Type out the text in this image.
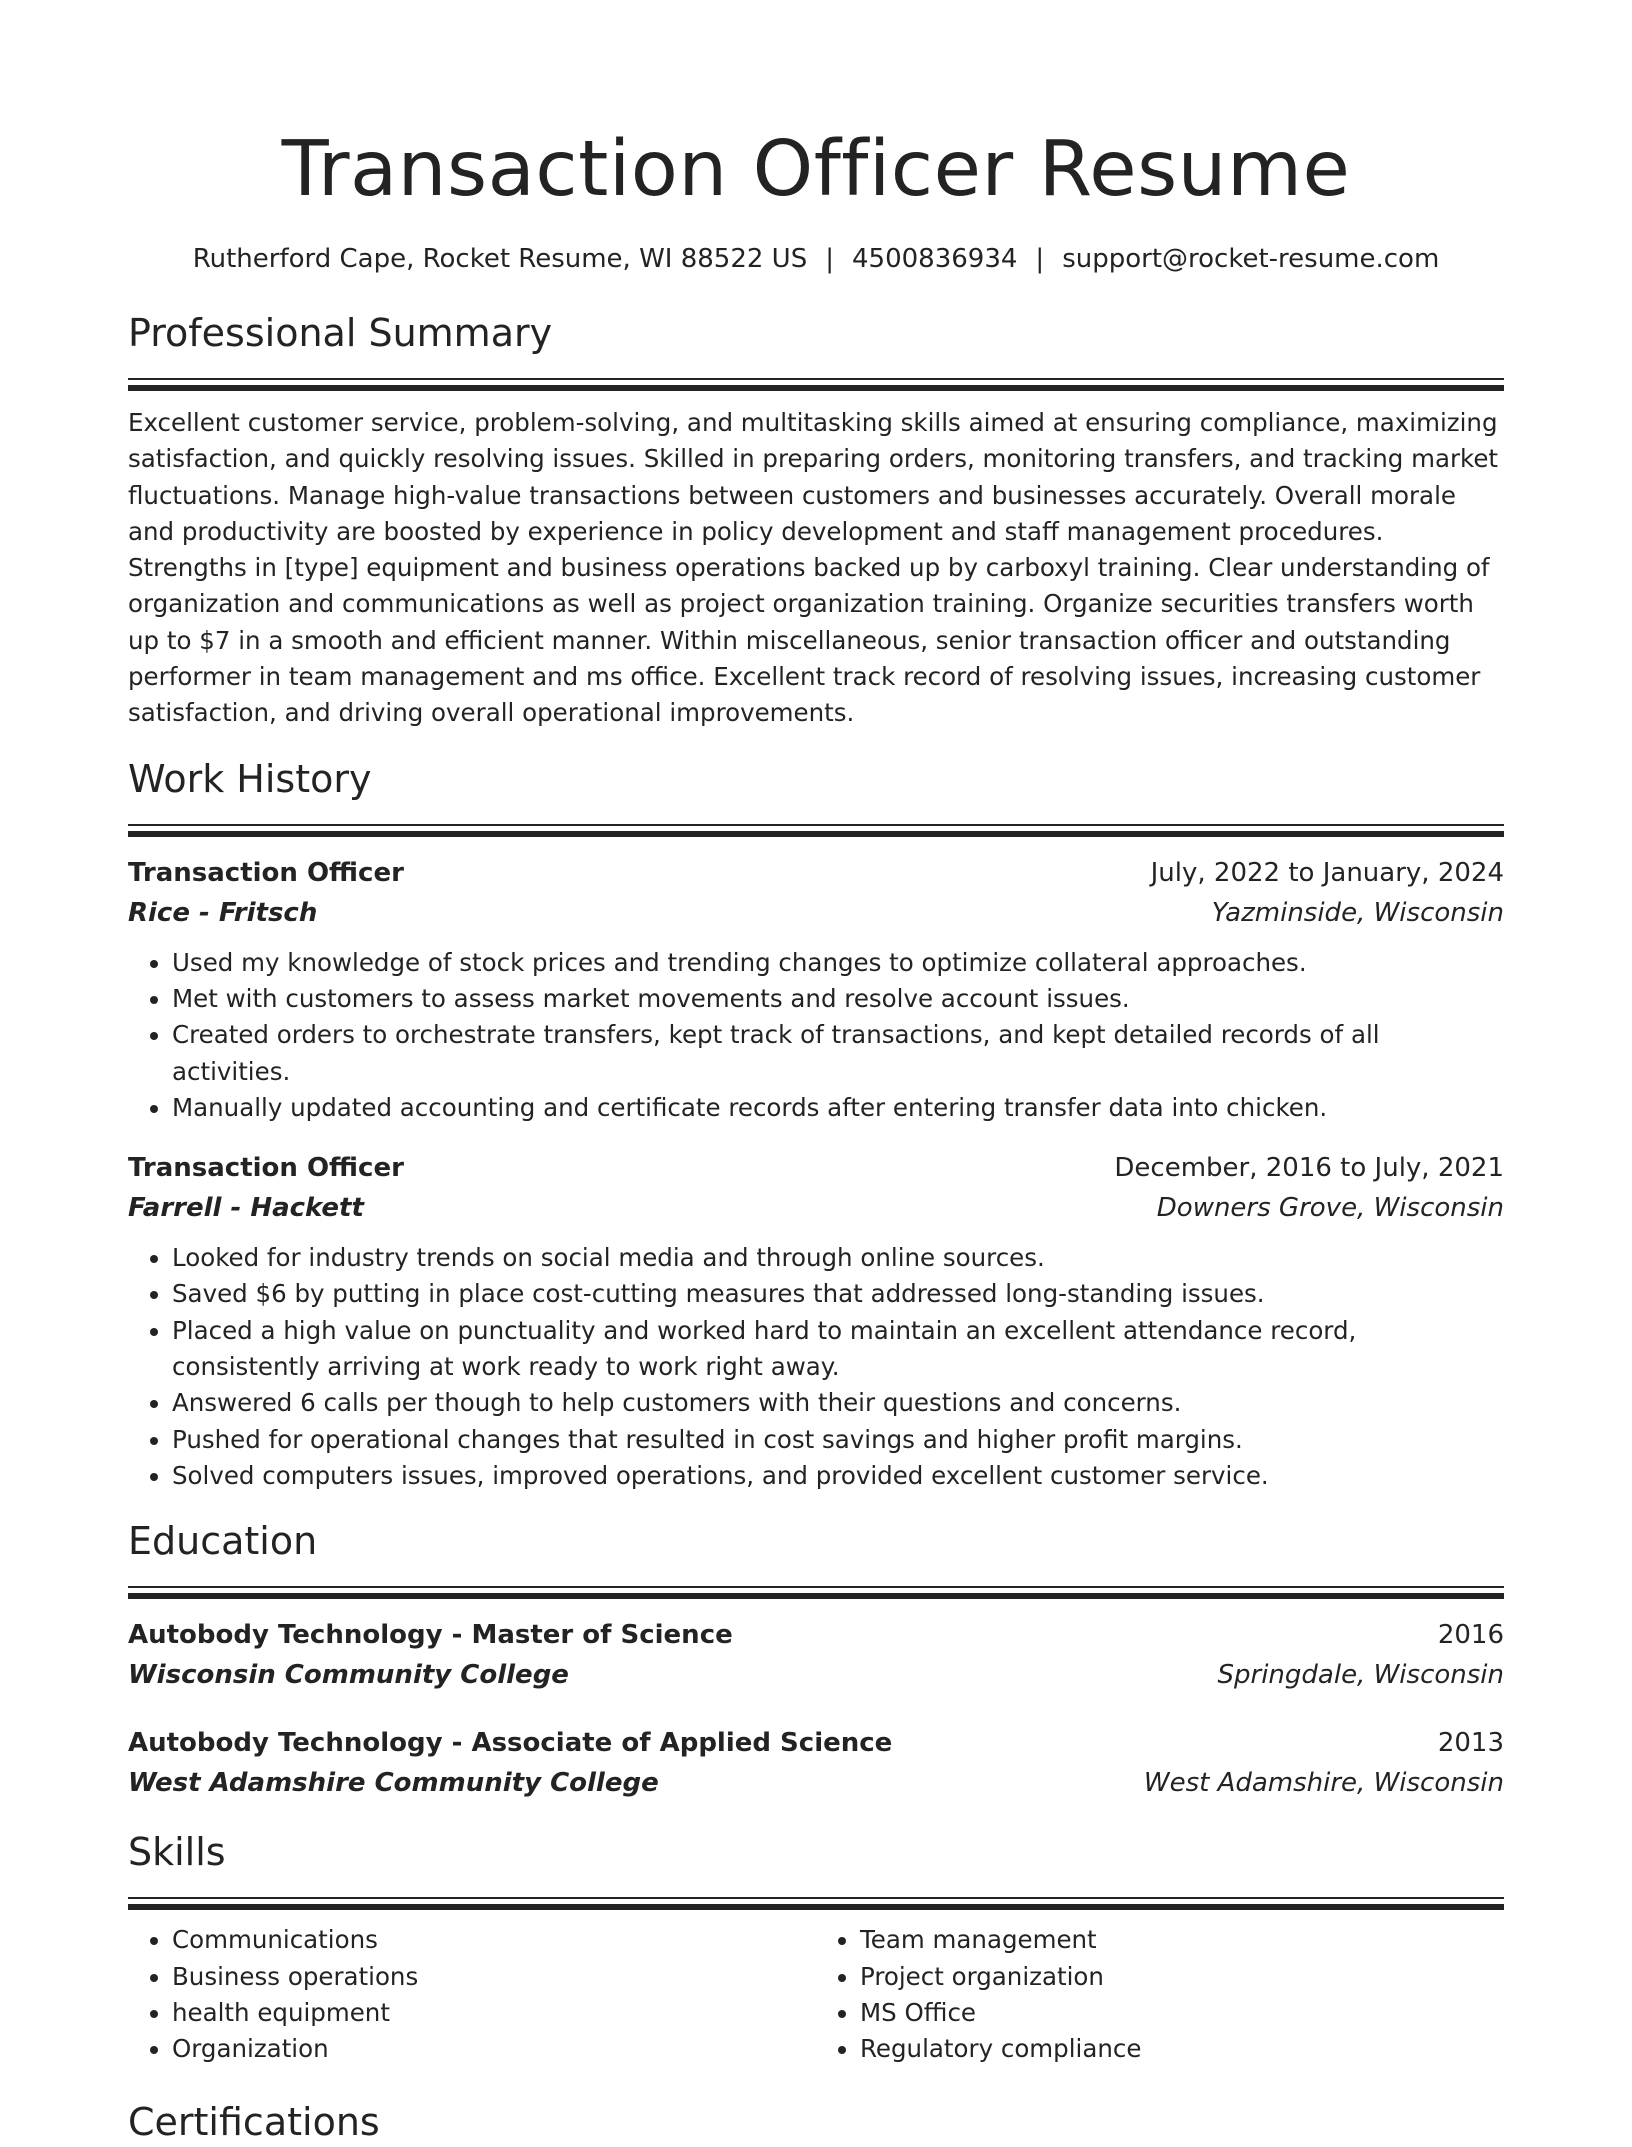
Transaction Officer Resume
Rutherford Cape, Rocket Resume, WI 88522 US | 4500836934 | support@rocket-resume.com
Professional Summary

Excellent customer service, problem-solving, and multitasking skills aimed at ensuring compliance, maximizing satisfaction, and quickly resolving issues. Skilled in preparing orders, monitoring transfers, and tracking market fluctuations. Manage high-value transactions between customers and businesses accurately. Overall morale and productivity are boosted by experience in policy development and staff management procedures. Strengths in [type] equipment and business operations backed up by carboxyl training. Clear understanding of organization and communications as well as project organization training. Organize securities transfers worth up to $7 in a smooth and efficient manner. Within miscellaneous, senior transaction officer and outstanding performer in team management and ms office. Excellent track record of resolving issues, increasing customer satisfaction, and driving overall operational improvements.

Work History
Transaction Officer	July, 2022 to January, 2024
Rice - Fritsch	Yazminside, Wisconsin
• Used my knowledge of stock prices and trending changes to optimize collateral approaches.
• Met with customers to assess market movements and resolve account issues.
• Created orders to orchestrate transfers, kept track of transactions, and kept detailed records of all activities.
• Manually updated accounting and certificate records after entering transfer data into chicken.
Transaction Officer	December, 2016 to July, 2021
Farrell - Hackett	Downers Grove, Wisconsin
• Looked for industry trends on social media and through online sources.
• Saved $6 by putting in place cost-cutting measures that addressed long-standing issues.
• Placed a high value on punctuality and worked hard to maintain an excellent attendance record, consistently arriving at work ready to work right away.
• Answered 6 calls per though to help customers with their questions and concerns.
• Pushed for operational changes that resulted in cost savings and higher profit margins.
• Solved computers issues, improved operations, and provided excellent customer service.
Education
Autobody Technology - Master of Science	2016
Wisconsin Community College	Springdale, Wisconsin
Autobody Technology - Associate of Applied Science	2013
West Adamshire Community College	West Adamshire, Wisconsin
Skills
• Communications
• Business operations
• health equipment
• Organization
• Team management
• Project organization
• MS Office
• Regulatory compliance
Certifications
